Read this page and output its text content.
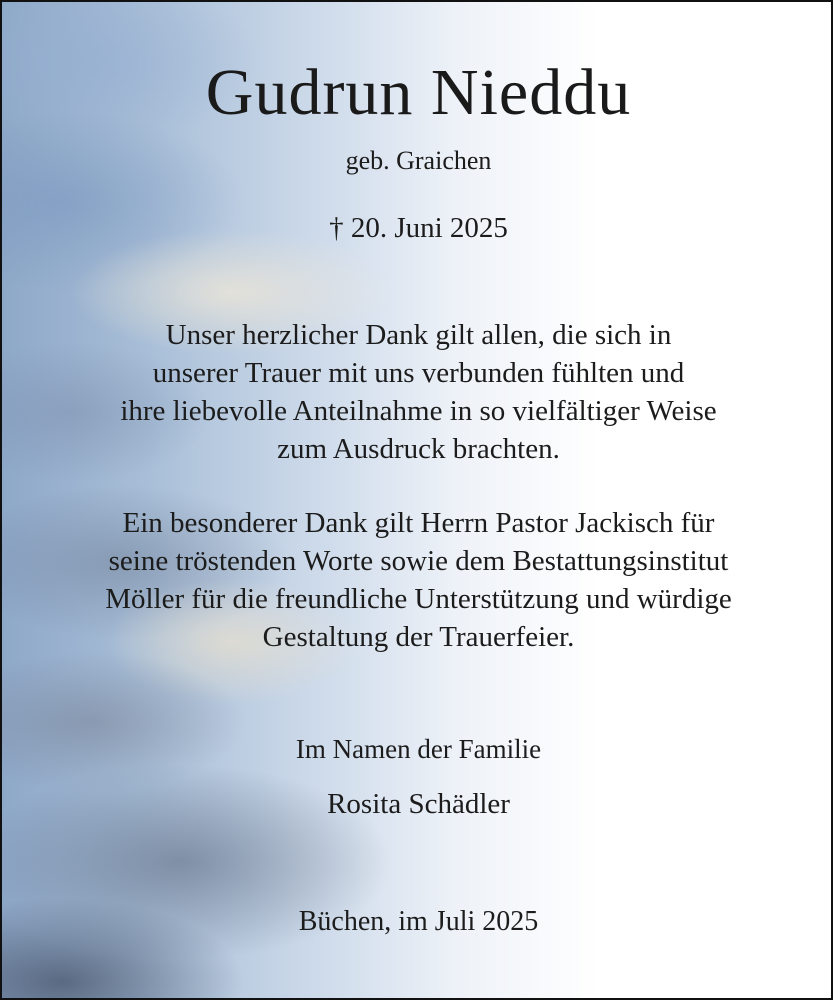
Gudrun Nieddu
geb. Graichen
† 20. Juni 2025
Unser herzlicher Dank gilt allen, die sich in
unserer Trauer mit uns verbunden fühlten und
ihre liebevolle Anteilnahme in so vielfältiger Weise
zum Ausdruck brachten.
Ein besonderer Dank gilt Herrn Pastor Jackisch für
seine tröstenden Worte sowie dem Bestattungsinstitut
Möller für die freundliche Unterstützung und würdige
Gestaltung der Trauerfeier.
Im Namen der Familie
Rosita Schädler
Büchen, im Juli 2025
